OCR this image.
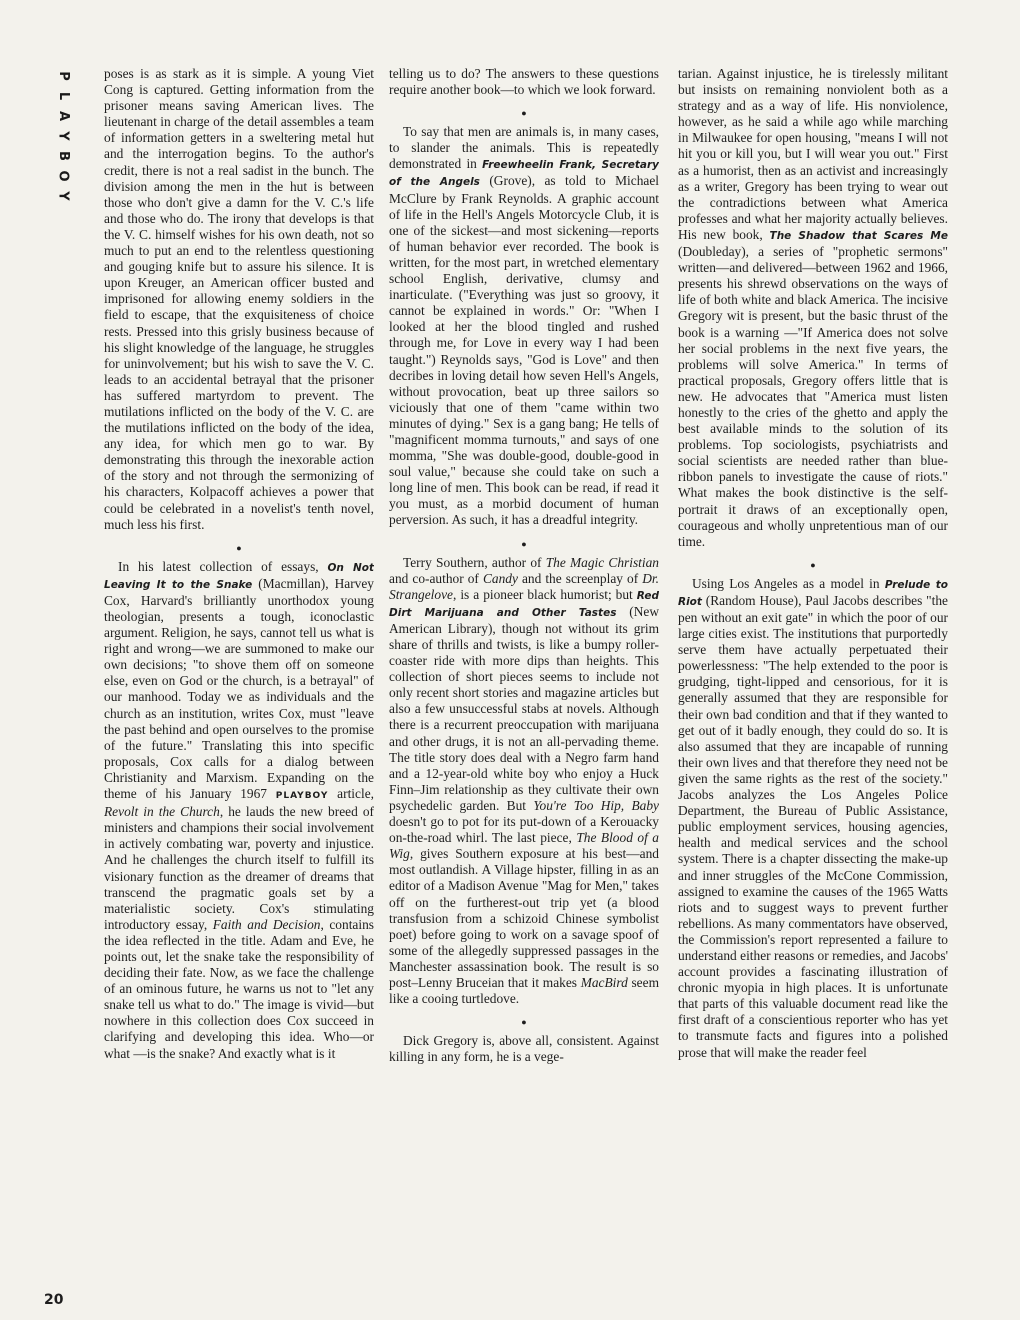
P
L
A
Y
B
O
Y

poses is as stark as it is simple. A young Viet Cong is captured. Getting information from the prisoner means saving American lives. The lieutenant in charge of the detail assembles a team of information getters in a sweltering metal hut and the interrogation begins. To the author's credit, there is not a real sadist in the bunch. The division among the men in the hut is between those who don't give a damn for the V. C.'s life and those who do. The irony that develops is that the V. C. himself wishes for his own death, not so much to put an end to the relentless questioning and gouging knife but to assure his silence. It is upon Kreuger, an American officer busted and imprisoned for allowing enemy soldiers in the field to escape, that the exquisiteness of choice rests. Pressed into this grisly business because of his slight knowledge of the language, he struggles for uninvolvement; but his wish to save the V. C. leads to an accidental betrayal that the prisoner has suffered martyrdom to prevent. The mutilations inflicted on the body of the V. C. are the mutilations inflicted on the body of the idea, any idea, for which men go to war. By demonstrating this through the inexorable action of the story and not through the sermonizing of his characters, Kolpacoff achieves a power that could be celebrated in a novelist's tenth novel, much less his first.

●

In his latest collection of essays, On Not Leaving It to the Snake (Macmillan), Harvey Cox, Harvard's brilliantly unorthodox young theologian, presents a tough, iconoclastic argument. Religion, he says, cannot tell us what is right and wrong—we are summoned to make our own decisions; "to shove them off on someone else, even on God or the church, is a betrayal" of our manhood. Today we as individuals and the church as an institution, writes Cox, must "leave the past behind and open ourselves to the promise of the future." Translating this into specific proposals, Cox calls for a dialog between Christianity and Marxism. Expanding on the theme of his January 1967 PLAYBOY article, Revolt in the Church, he lauds the new breed of ministers and champions their social involvement in actively combating war, poverty and injustice. And he challenges the church itself to fulfill its visionary function as the dreamer of dreams that transcend the pragmatic goals set by a materialistic society. Cox's stimulating introductory essay, Faith and Decision, contains the idea reflected in the title. Adam and Eve, he points out, let the snake take the responsibility of deciding their fate. Now, as we face the challenge of an ominous future, he warns us not to "let any snake tell us what to do." The image is vivid—but nowhere in this collection does Cox succeed in clarifying and developing this idea. Who—or what —is the snake? And exactly what is it

telling us to do? The answers to these questions require another book—to which we look forward.

●

To say that men are animals is, in many cases, to slander the animals. This is repeatedly demonstrated in Freewheelin Frank, Secretary of the Angels (Grove), as told to Michael McClure by Frank Reynolds. A graphic account of life in the Hell's Angels Motorcycle Club, it is one of the sickest—and most sickening—reports of human behavior ever recorded. The book is written, for the most part, in wretched elementary school English, derivative, clumsy and inarticulate. ("Everything was just so groovy, it cannot be explained in words." Or: "When I looked at her the blood tingled and rushed through me, for Love in every way I had been taught.") Reynolds says, "God is Love" and then decribes in loving detail how seven Hell's Angels, without provocation, beat up three sailors so viciously that one of them "came within two minutes of dying." Sex is a gang bang; He tells of "magnificent momma turnouts," and says of one momma, "She was double-good, double-good in soul value," because she could take on such a long line of men. This book can be read, if read it you must, as a morbid document of human perversion. As such, it has a dreadful integrity.

●

Terry Southern, author of The Magic Christian and co-author of Candy and the screenplay of Dr. Strangelove, is a pioneer black humorist; but Red Dirt Marijuana and Other Tastes (New American Library), though not without its grim share of thrills and twists, is like a bumpy roller-coaster ride with more dips than heights. This collection of short pieces seems to include not only recent short stories and magazine articles but also a few unsuccessful stabs at novels. Although there is a recurrent preoccupation with marijuana and other drugs, it is not an all-pervading theme. The title story does deal with a Negro farm hand and a 12-year-old white boy who enjoy a Huck Finn–Jim relationship as they cultivate their own psychedelic garden. But You're Too Hip, Baby doesn't go to pot for its put-down of a Kerouacky on-the-road whirl. The last piece, The Blood of a Wig, gives Southern exposure at his best—and most outlandish. A Village hipster, filling in as an editor of a Madison Avenue "Mag for Men," takes off on the furtherest-out trip yet (a blood transfusion from a schizoid Chinese symbolist poet) before going to work on a savage spoof of some of the allegedly suppressed passages in the Manchester assassination book. The result is so post–Lenny Bruceian that it makes MacBird seem like a cooing turtledove.

●

Dick Gregory is, above all, consistent. Against killing in any form, he is a vege-

tarian. Against injustice, he is tirelessly militant but insists on remaining nonviolent both as a strategy and as a way of life. His nonviolence, however, as he said a while ago while marching in Milwaukee for open housing, "means I will not hit you or kill you, but I will wear you out." First as a humorist, then as an activist and increasingly as a writer, Gregory has been trying to wear out the contradictions between what America professes and what her majority actually believes. His new book, The Shadow that Scares Me (Doubleday), a series of "prophetic sermons" written—and delivered—between 1962 and 1966, presents his shrewd observations on the ways of life of both white and black America. The incisive Gregory wit is present, but the basic thrust of the book is a warning —"If America does not solve her social problems in the next five years, the problems will solve America." In terms of practical proposals, Gregory offers little that is new. He advocates that "America must listen honestly to the cries of the ghetto and apply the best available minds to the solution of its problems. Top sociologists, psychiatrists and social scientists are needed rather than blue-ribbon panels to investigate the cause of riots." What makes the book distinctive is the self-portrait it draws of an exceptionally open, courageous and wholly unpretentious man of our time.

●

Using Los Angeles as a model in Prelude to Riot (Random House), Paul Jacobs describes "the pen without an exit gate" in which the poor of our large cities exist. The institutions that purportedly serve them have actually perpetuated their powerlessness: "The help extended to the poor is grudging, tight-lipped and censorious, for it is generally assumed that they are responsible for their own bad condition and that if they wanted to get out of it badly enough, they could do so. It is also assumed that they are incapable of running their own lives and that therefore they need not be given the same rights as the rest of the society." Jacobs analyzes the Los Angeles Police Department, the Bureau of Public Assistance, public employment services, housing agencies, health and medical services and the school system. There is a chapter dissecting the make-up and inner struggles of the McCone Commission, assigned to examine the causes of the 1965 Watts riots and to suggest ways to prevent further rebellions. As many commentators have observed, the Commission's report represented a failure to understand either reasons or remedies, and Jacobs' account provides a fascinating illustration of chronic myopia in high places. It is unfortunate that parts of this valuable document read like the first draft of a conscientious reporter who has yet to transmute facts and figures into a polished prose that will make the reader feel

20
